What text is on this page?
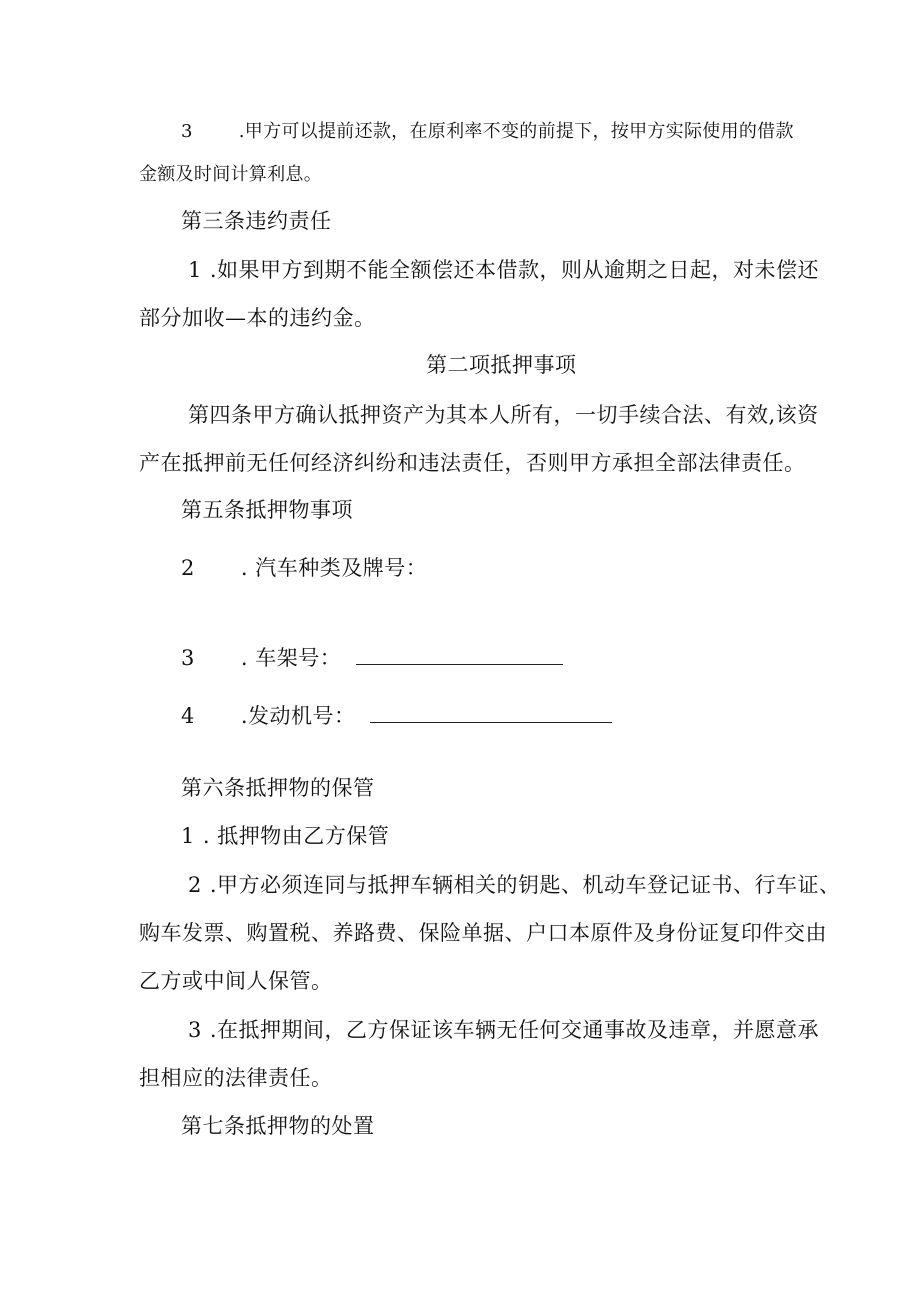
3	.甲方可以提前还款，在原利率不变的前提下，按甲方实际使用的借款
金额及时间计算利息。
第三条违约责任
1 .如果甲方到期不能全额偿还本借款，则从逾期之日起，对未偿还
部分加收—本的违约金。
第二项抵押事项
第四条甲方确认抵押资产为其本人所有，一切手续合法、有效,该资
产在抵押前无任何经济纠纷和违法责任，否则甲方承担全部法律责任。
第五条抵押物事项
2 . 汽车种类及牌号：
3 . 车架号：
4 .发动机号：
第六条抵押物的保管
1 . 抵押物由乙方保管
2 .甲方必须连同与抵押车辆相关的钥匙、机动车登记证书、行车证、
购车发票、购置税、养路费、保险单据、户口本原件及身份证复印件交由
乙方或中间人保管。
3 .在抵押期间，乙方保证该车辆无任何交通事故及违章，并愿意承
担相应的法律责任。
第七条抵押物的处置
